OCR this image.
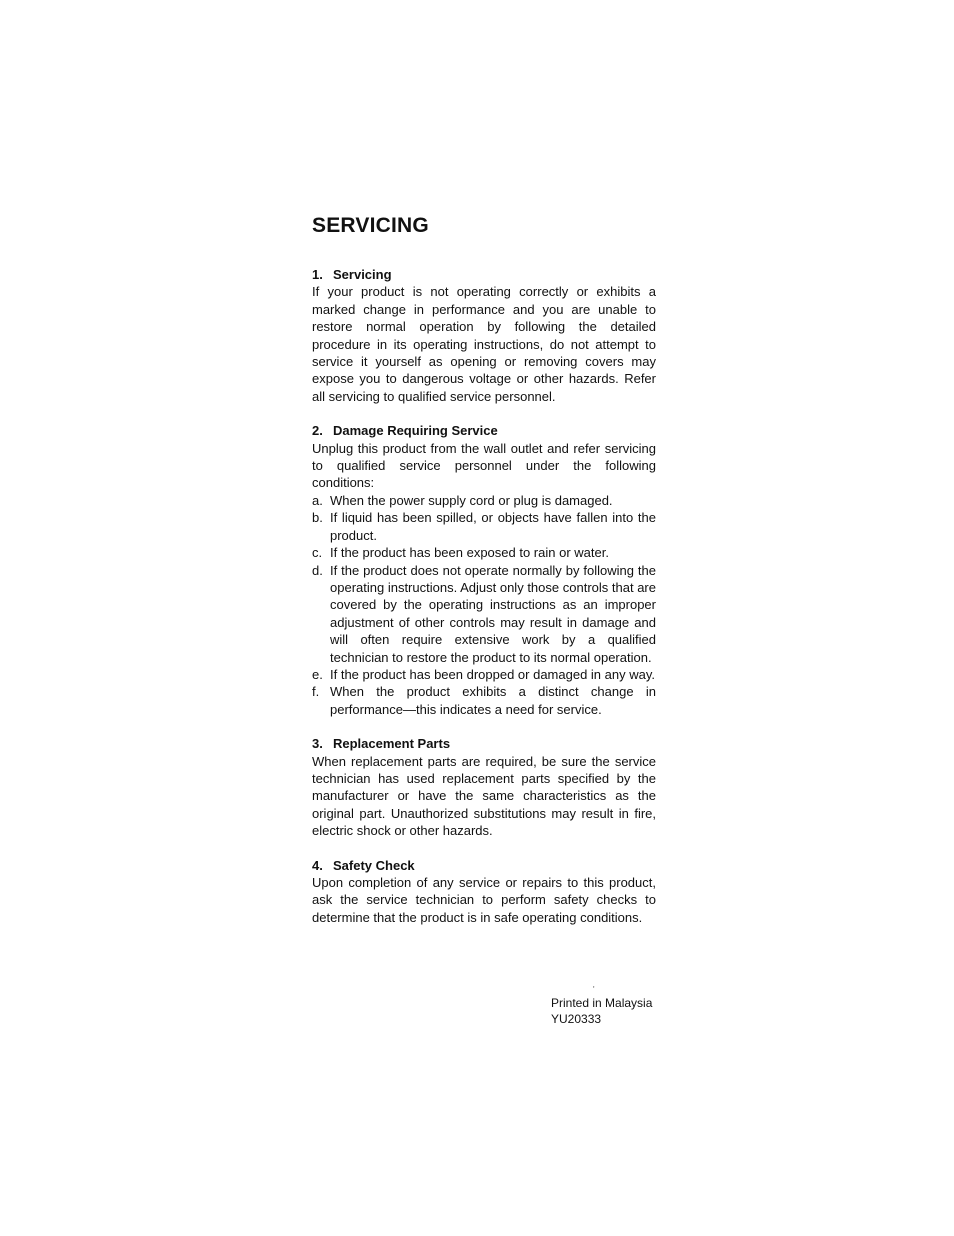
SERVICING

1. Servicing

If your product is not operating correctly or exhibits a marked change in performance and you are unable to restore normal operation by following the detailed procedure in its operating instructions, do not attempt to service it yourself as opening or removing covers may expose you to dangerous voltage or other hazards. Refer all servicing to qualified service personnel.

2. Damage Requiring Service

Unplug this product from the wall outlet and refer servicing to qualified service personnel under the following conditions:

a. When the power supply cord or plug is damaged.
b. If liquid has been spilled, or objects have fallen into the product.
c. If the product has been exposed to rain or water.
d. If the product does not operate normally by following the operating instructions. Adjust only those controls that are covered by the operating instructions as an improper adjustment of other controls may result in damage and will often require extensive work by a qualified technician to restore the product to its normal operation.
e. If the product has been dropped or damaged in any way.
f. When the product exhibits a distinct change in performance—this indicates a need for service.

3. Replacement Parts

When replacement parts are required, be sure the service technician has used replacement parts specified by the manufacturer or have the same characteristics as the original part. Unauthorized substitutions may result in fire, electric shock or other hazards.

4. Safety Check

Upon completion of any service or repairs to this product, ask the service technician to perform safety checks to determine that the product is in safe operating conditions.

‚
Printed in Malaysia
YU20333
